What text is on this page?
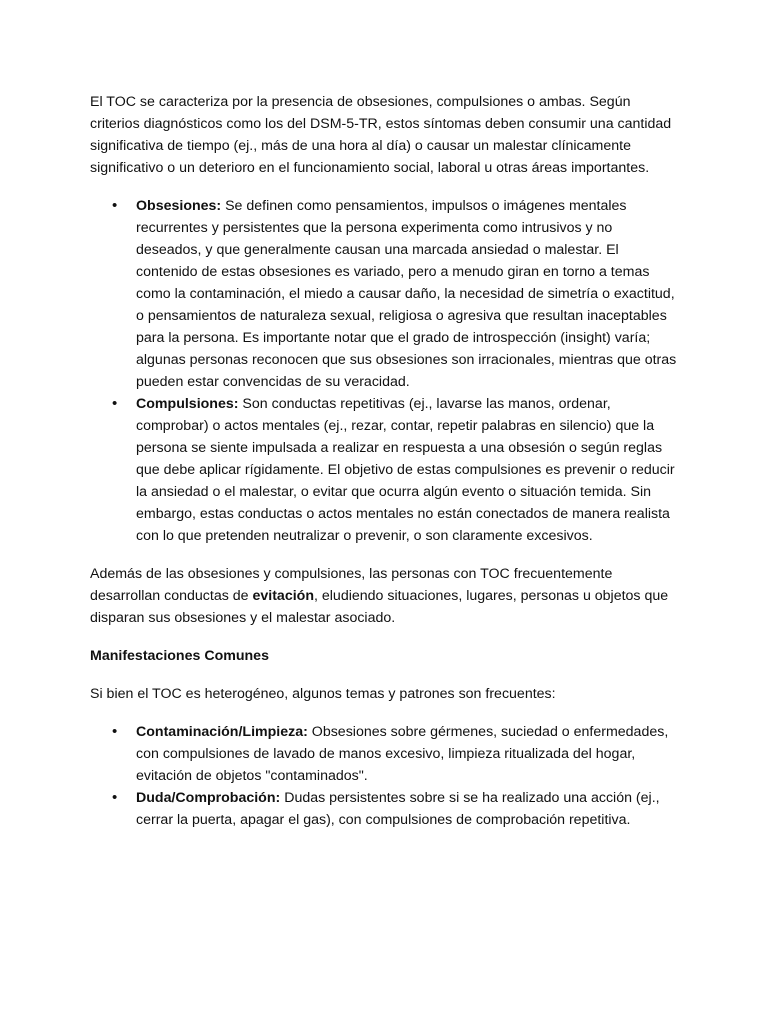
El TOC se caracteriza por la presencia de obsesiones, compulsiones o ambas. Según criterios diagnósticos como los del DSM-5-TR, estos síntomas deben consumir una cantidad significativa de tiempo (ej., más de una hora al día) o causar un malestar clínicamente significativo o un deterioro en el funcionamiento social, laboral u otras áreas importantes.

• Obsesiones: Se definen como pensamientos, impulsos o imágenes mentales recurrentes y persistentes que la persona experimenta como intrusivos y no deseados, y que generalmente causan una marcada ansiedad o malestar. El contenido de estas obsesiones es variado, pero a menudo giran en torno a temas como la contaminación, el miedo a causar daño, la necesidad de simetría o exactitud, o pensamientos de naturaleza sexual, religiosa o agresiva que resultan inaceptables para la persona. Es importante notar que el grado de introspección (insight) varía; algunas personas reconocen que sus obsesiones son irracionales, mientras que otras pueden estar convencidas de su veracidad.
• Compulsiones: Son conductas repetitivas (ej., lavarse las manos, ordenar, comprobar) o actos mentales (ej., rezar, contar, repetir palabras en silencio) que la persona se siente impulsada a realizar en respuesta a una obsesión o según reglas que debe aplicar rígidamente. El objetivo de estas compulsiones es prevenir o reducir la ansiedad o el malestar, o evitar que ocurra algún evento o situación temida. Sin embargo, estas conductas o actos mentales no están conectados de manera realista con lo que pretenden neutralizar o prevenir, o son claramente excesivos.

Además de las obsesiones y compulsiones, las personas con TOC frecuentemente desarrollan conductas de evitación, eludiendo situaciones, lugares, personas u objetos que disparan sus obsesiones y el malestar asociado.

Manifestaciones Comunes

Si bien el TOC es heterogéneo, algunos temas y patrones son frecuentes:

• Contaminación/Limpieza: Obsesiones sobre gérmenes, suciedad o enfermedades, con compulsiones de lavado de manos excesivo, limpieza ritualizada del hogar, evitación de objetos "contaminados".
• Duda/Comprobación: Dudas persistentes sobre si se ha realizado una acción (ej., cerrar la puerta, apagar el gas), con compulsiones de comprobación repetitiva.
